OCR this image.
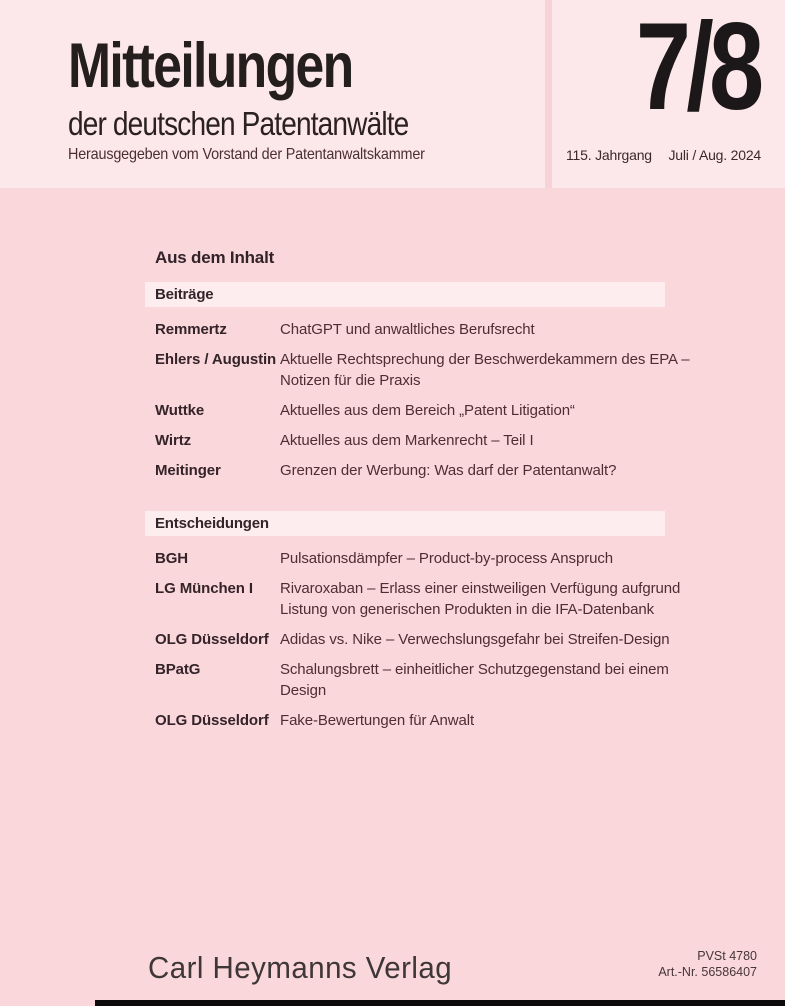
Mitteilungen
der deutschen Patentanwälte
Herausgegeben vom Vorstand der Patentanwaltskammer
7/8
115. Jahrgang Juli / Aug. 2024
Aus dem Inhalt
Beiträge
Remmertz	ChatGPT und anwaltliches Berufsrecht
Ehlers / Augustin Aktuelle Rechtsprechung der Beschwerdekammern des EPA – Notizen für die Praxis
Wuttke	Aktuelles aus dem Bereich „Patent Litigation“
Wirtz	Aktuelles aus dem Markenrecht – Teil I
Meitinger	Grenzen der Werbung: Was darf der Patentanwalt?
Entscheidungen
BGH	Pulsationsdämpfer – Product-by-process Anspruch
LG München I	Rivaroxaban – Erlass einer einstweiligen Verfügung aufgrund Listung von generischen Produkten in die IFA-Datenbank
OLG Düsseldorf Adidas vs. Nike – Verwechslungsgefahr bei Streifen-Design
BPatG	Schalungsbrett – einheitlicher Schutzgegenstand bei einem Design
OLG Düsseldorf Fake-Bewertungen für Anwalt
Carl Heymanns Verlag	PVSt 4780
Art.-Nr. 56586407
